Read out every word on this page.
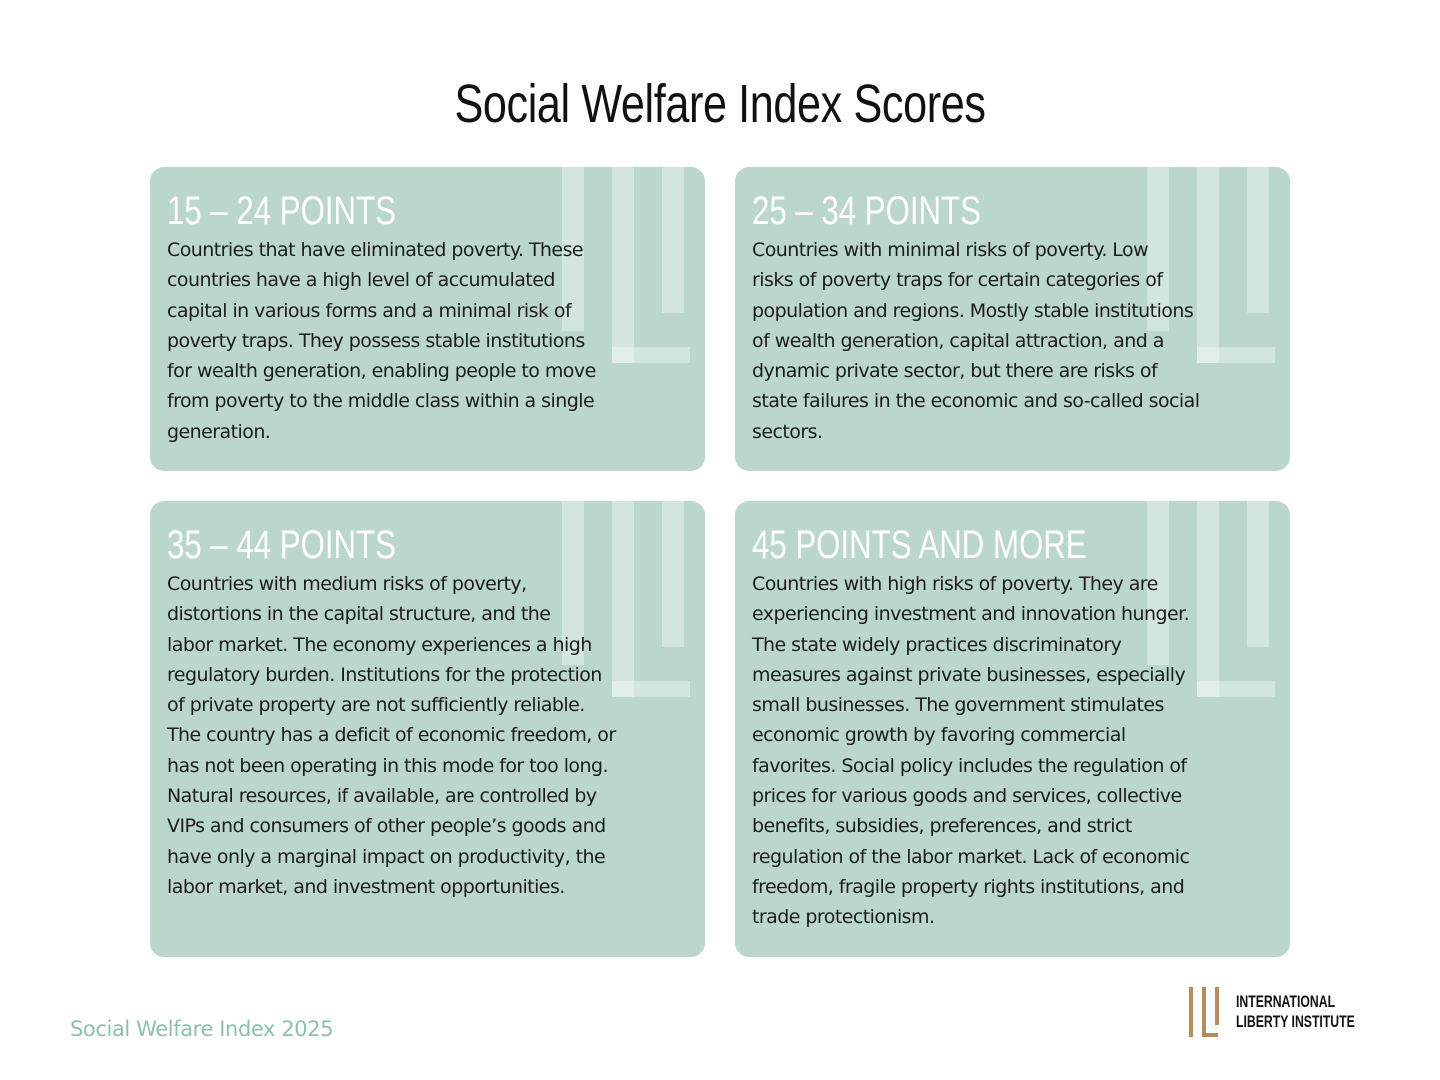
Social Welfare Index Scores
15 – 24 POINTS

Countries that have eliminated poverty. These
countries have a high level of accumulated
capital in various forms and a minimal risk of
poverty traps. They possess stable institutions
for wealth generation, enabling people to move
from poverty to the middle class within a single
generation.

25 – 34 POINTS

Countries with minimal risks of poverty. Low
risks of poverty traps for certain categories of
population and regions. Mostly stable institutions
of wealth generation, capital attraction, and a
dynamic private sector, but there are risks of
state failures in the economic and so-called social
sectors.

35 – 44 POINTS

Countries with medium risks of poverty,
distortions in the capital structure, and the
labor market. The economy experiences a high
regulatory burden. Institutions for the protection
of private property are not sufficiently reliable.
The country has a deficit of economic freedom, or
has not been operating in this mode for too long.
Natural resources, if available, are controlled by
VIPs and consumers of other people’s goods and
have only a marginal impact on productivity, the
labor market, and investment opportunities.

45 POINTS AND MORE

Countries with high risks of poverty. They are
experiencing investment and innovation hunger.
The state widely practices discriminatory
measures against private businesses, especially
small businesses. The government stimulates
economic growth by favoring commercial
favorites. Social policy includes the regulation of
prices for various goods and services, collective
benefits, subsidies, preferences, and strict
regulation of the labor market. Lack of economic
freedom, fragile property rights institutions, and
trade protectionism.

Social Welfare Index 2025
INTERNATIONAL
LIBERTY INSTITUTE
